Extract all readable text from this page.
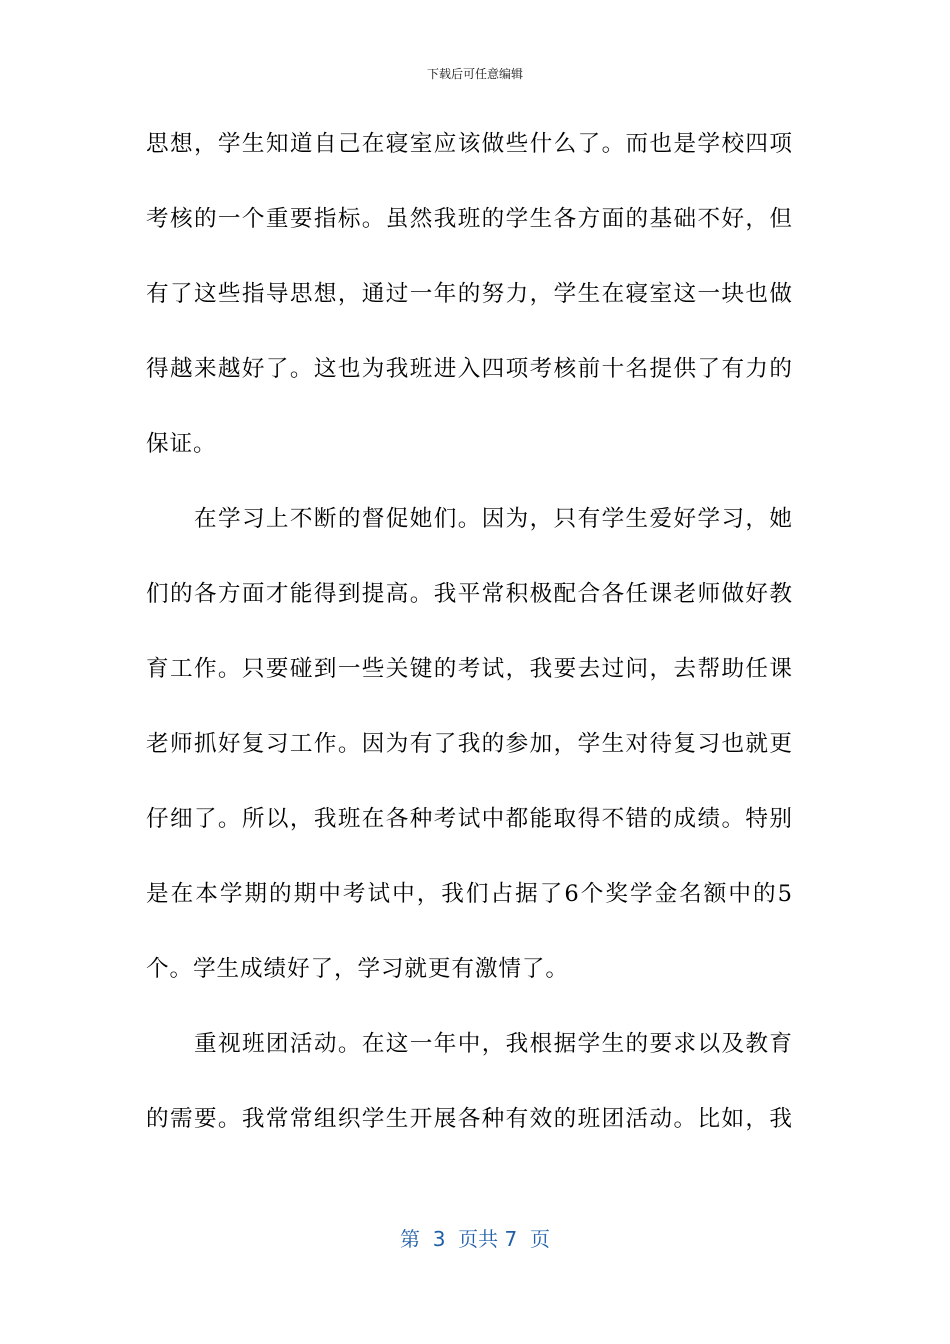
下载后可任意编辑
思想，学生知道自己在寝室应该做些什么了。而也是学校四项
考核的一个重要指标。虽然我班的学生各方面的基础不好，但
有了这些指导思想，通过一年的努力，学生在寝室这一块也做
得越来越好了。这也为我班进入四项考核前十名提供了有力的
保证。
在学习上不断的督促她们。因为，只有学生爱好学习，她
们的各方面才能得到提高。我平常积极配合各任课老师做好教
育工作。只要碰到一些关键的考试，我要去过问，去帮助任课
老师抓好复习工作。因为有了我的参加，学生对待复习也就更
仔细了。所以，我班在各种考试中都能取得不错的成绩。特别
是在本学期的期中考试中，我们占据了6个奖学金名额中的5
个。学生成绩好了，学习就更有激情了。
重视班团活动。在这一年中，我根据学生的要求以及教育
的需要。我常常组织学生开展各种有效的班团活动。比如，我
第  3  页共 7  页
